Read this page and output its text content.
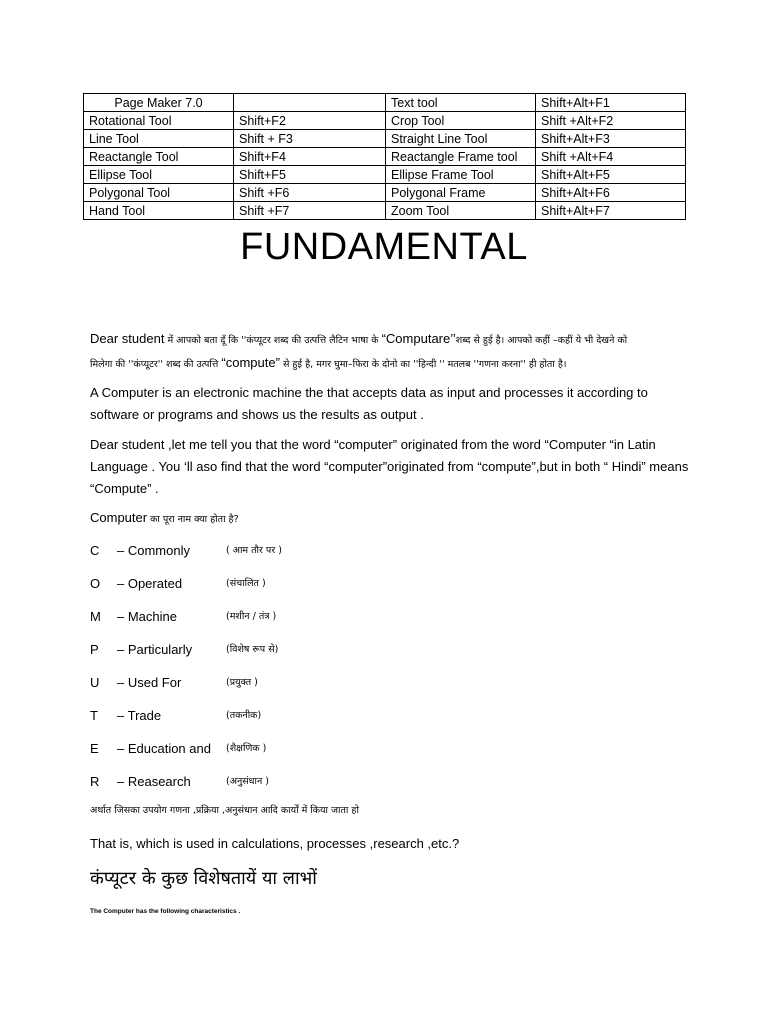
Page Maker 7.0		Text tool	Shift+Alt+F1
Rotational Tool	Shift+F2	Crop Tool	Shift +Alt+F2
Line Tool	Shift + F3	Straight Line Tool	Shift+Alt+F3
Reactangle Tool	Shift+F4	Reactangle Frame tool	Shift +Alt+F4
Ellipse Tool	Shift+F5	Ellipse Frame Tool	Shift+Alt+F5
Polygonal Tool	Shift +F6	Polygonal Frame	Shift+Alt+F6
Hand Tool	Shift +F7	Zoom Tool	Shift+Alt+F7
FUNDAMENTAL
Dear student में आपको बता दूँ कि ''कंप्यूटर शब्द की उत्पत्ति लैटिन भाषा के “Computare’’शब्द से हुई है। आपको कहीं –कहीं ये भी देखने को
मिलेगा की ''कंप्यूटर'' शब्द की उत्पत्ति “compute” से हुई है, मगर घुमा–फिरा के दोनो का ''हिन्दी '' मतलब ''गणना करना'' ही होता है।
A Computer is an electronic machine the that accepts data as input and processes it according to software or programs and shows us the results as output .
Dear student ,let me tell you that the word “computer” originated from the word “Computer “in Latin Language . You ‘ll aso find that the word “computer”originated from “compute”,but in both “ Hindi” means “Compute” .
Computer का पूरा नाम क्या होता है?
C	– Commonly	( आम तौर पर )
O	– Operated	(संचालित )
M	– Machine	(मशीन / तंत्र )
P	– Particularly	(विशेष रूप से)
U	– Used For	(प्रयुक्त )
T	– Trade	(तकनीक)
E	– Education and (शैक्षणिक )
R	– Reasearch	(अनुसंधान )
अर्थात जिसका उपयोग गणना ,प्रक्रिया ,अनुसंधान आदि कार्यों में किया जाता हो
That is, which is used in calculations, processes ,research ,etc.?
कंप्यूटर के कुछ विशेषतायें या लाभों
The Computer has the following characteristics .
